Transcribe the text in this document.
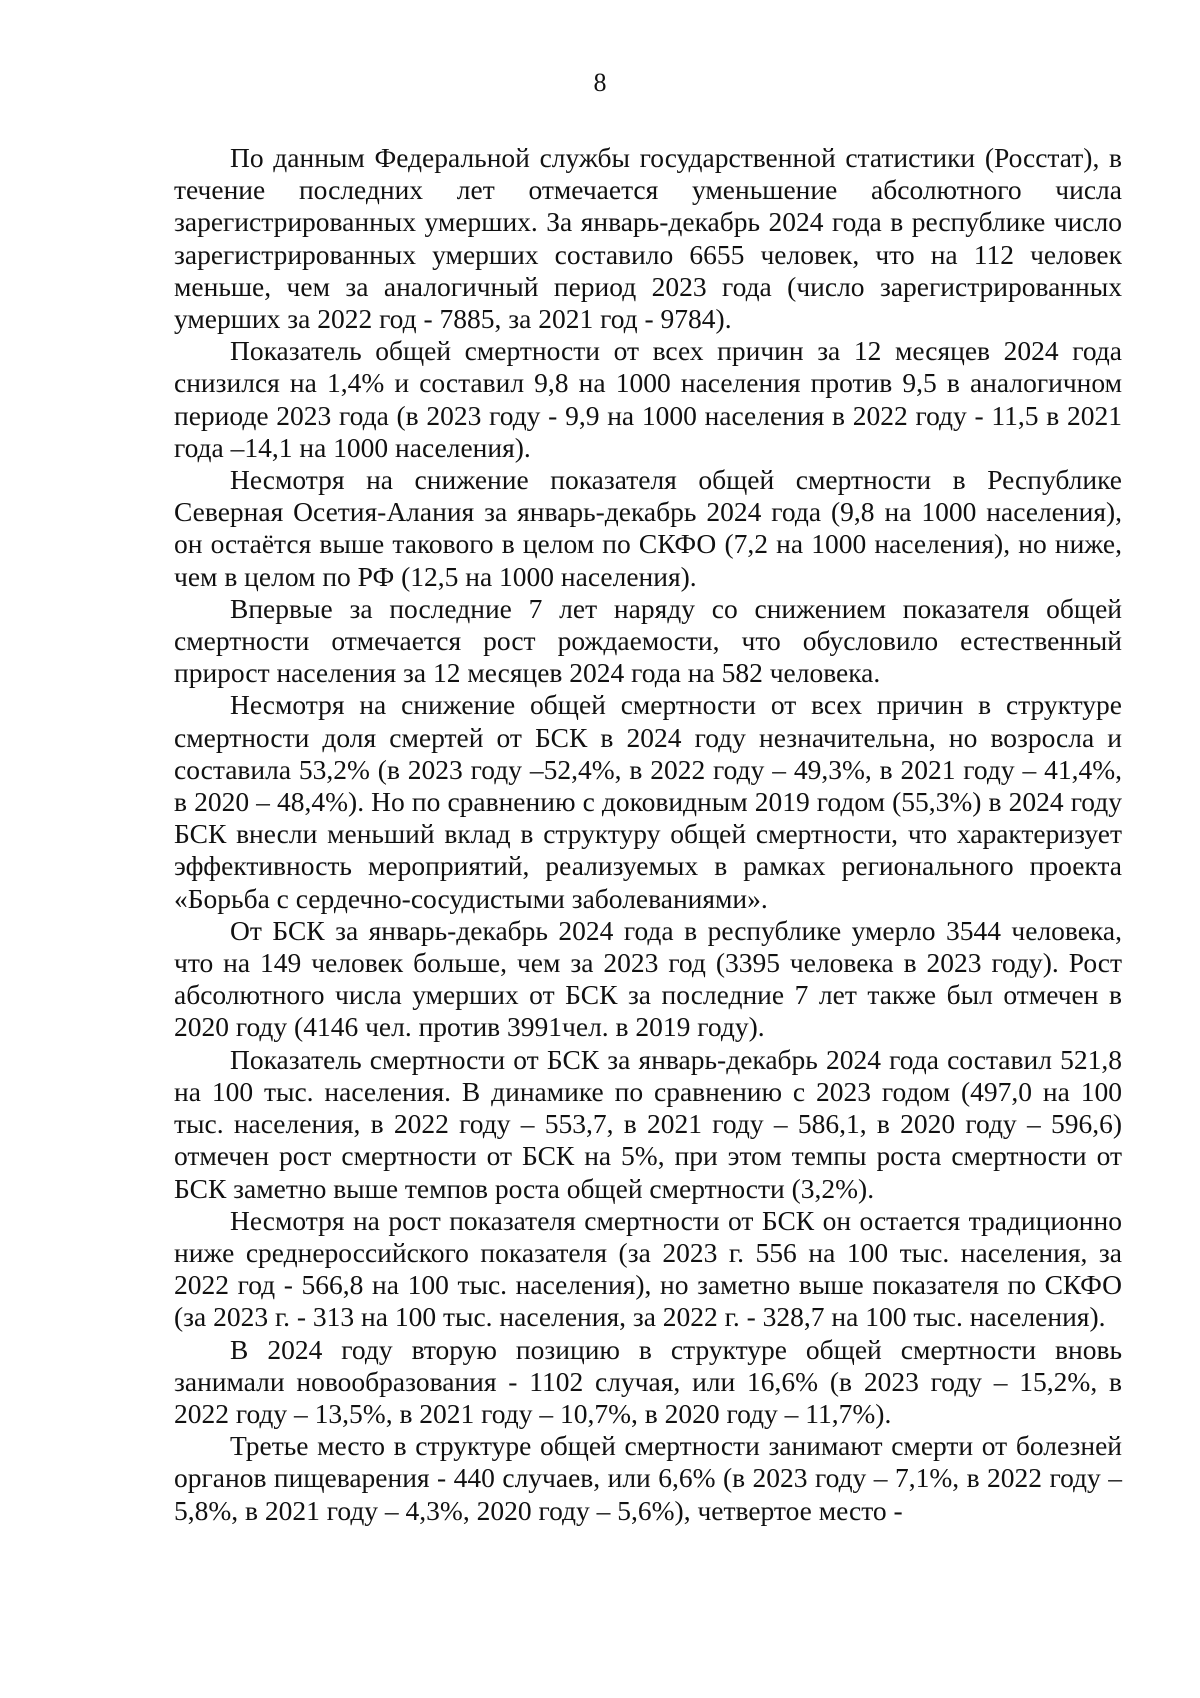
8

По данным Федеральной службы государственной статистики (Росстат), в течение последних лет отмечается уменьшение абсолютного числа зарегистрированных умерших. За январь-декабрь 2024 года в республике число зарегистрированных умерших составило 6655 человек, что на 112 человек меньше, чем за аналогичный период 2023 года (число зарегистрированных умерших за 2022 год - 7885, за 2021 год - 9784).

Показатель общей смертности от всех причин за 12 месяцев 2024 года снизился на 1,4% и составил 9,8 на 1000 населения против 9,5 в аналогичном периоде 2023 года (в 2023 году - 9,9 на 1000 населения в 2022 году - 11,5 в 2021 года –14,1 на 1000 населения).

Несмотря на снижение показателя общей смертности в Республике Северная Осетия-Алания за январь-декабрь 2024 года (9,8 на 1000 населения), он остаётся выше такового в целом по СКФО (7,2 на 1000 населения), но ниже, чем в целом по РФ (12,5 на 1000 населения).

Впервые за последние 7 лет наряду со снижением показателя общей смертности отмечается рост рождаемости, что обусловило естественный прирост населения за 12 месяцев 2024 года на 582 человека.

Несмотря на снижение общей смертности от всех причин в структуре смертности доля смертей от БСК в 2024 году незначительна, но возросла и составила 53,2% (в 2023 году –52,4%, в 2022 году – 49,3%, в 2021 году – 41,4%, в 2020 – 48,4%). Но по сравнению с доковидным 2019 годом (55,3%) в 2024 году БСК внесли меньший вклад в структуру общей смертности, что характеризует эффективность мероприятий, реализуемых в рамках регионального проекта «Борьба с сердечно-сосудистыми заболеваниями».

От БСК за январь-декабрь 2024 года в республике умерло 3544 человека, что на 149 человек больше, чем за 2023 год (3395 человека в 2023 году). Рост абсолютного числа умерших от БСК за последние 7 лет также был отмечен в 2020 году (4146 чел. против 3991чел. в 2019 году).

Показатель смертности от БСК за январь-декабрь 2024 года составил 521,8 на 100 тыс. населения. В динамике по сравнению с 2023 годом (497,0 на 100 тыс. населения, в 2022 году – 553,7, в 2021 году – 586,1, в 2020 году – 596,6) отмечен рост смертности от БСК на 5%, при этом темпы роста смертности от БСК заметно выше темпов роста общей смертности (3,2%).

Несмотря на рост показателя смертности от БСК он остается традиционно ниже среднероссийского показателя (за 2023 г. 556 на 100 тыс. населения, за 2022 год - 566,8 на 100 тыс. населения), но заметно выше показателя по СКФО (за 2023 г. - 313 на 100 тыс. населения, за 2022 г. - 328,7 на 100 тыс. населения).

В 2024 году вторую позицию в структуре общей смертности вновь занимали новообразования - 1102 случая, или 16,6% (в 2023 году – 15,2%, в 2022 году – 13,5%, в 2021 году – 10,7%, в 2020 году – 11,7%).

Третье место в структуре общей смертности занимают смерти от болезней органов пищеварения - 440 случаев, или 6,6% (в 2023 году – 7,1%, в 2022 году – 5,8%, в 2021 году – 4,3%, 2020 году – 5,6%), четвертое место -
